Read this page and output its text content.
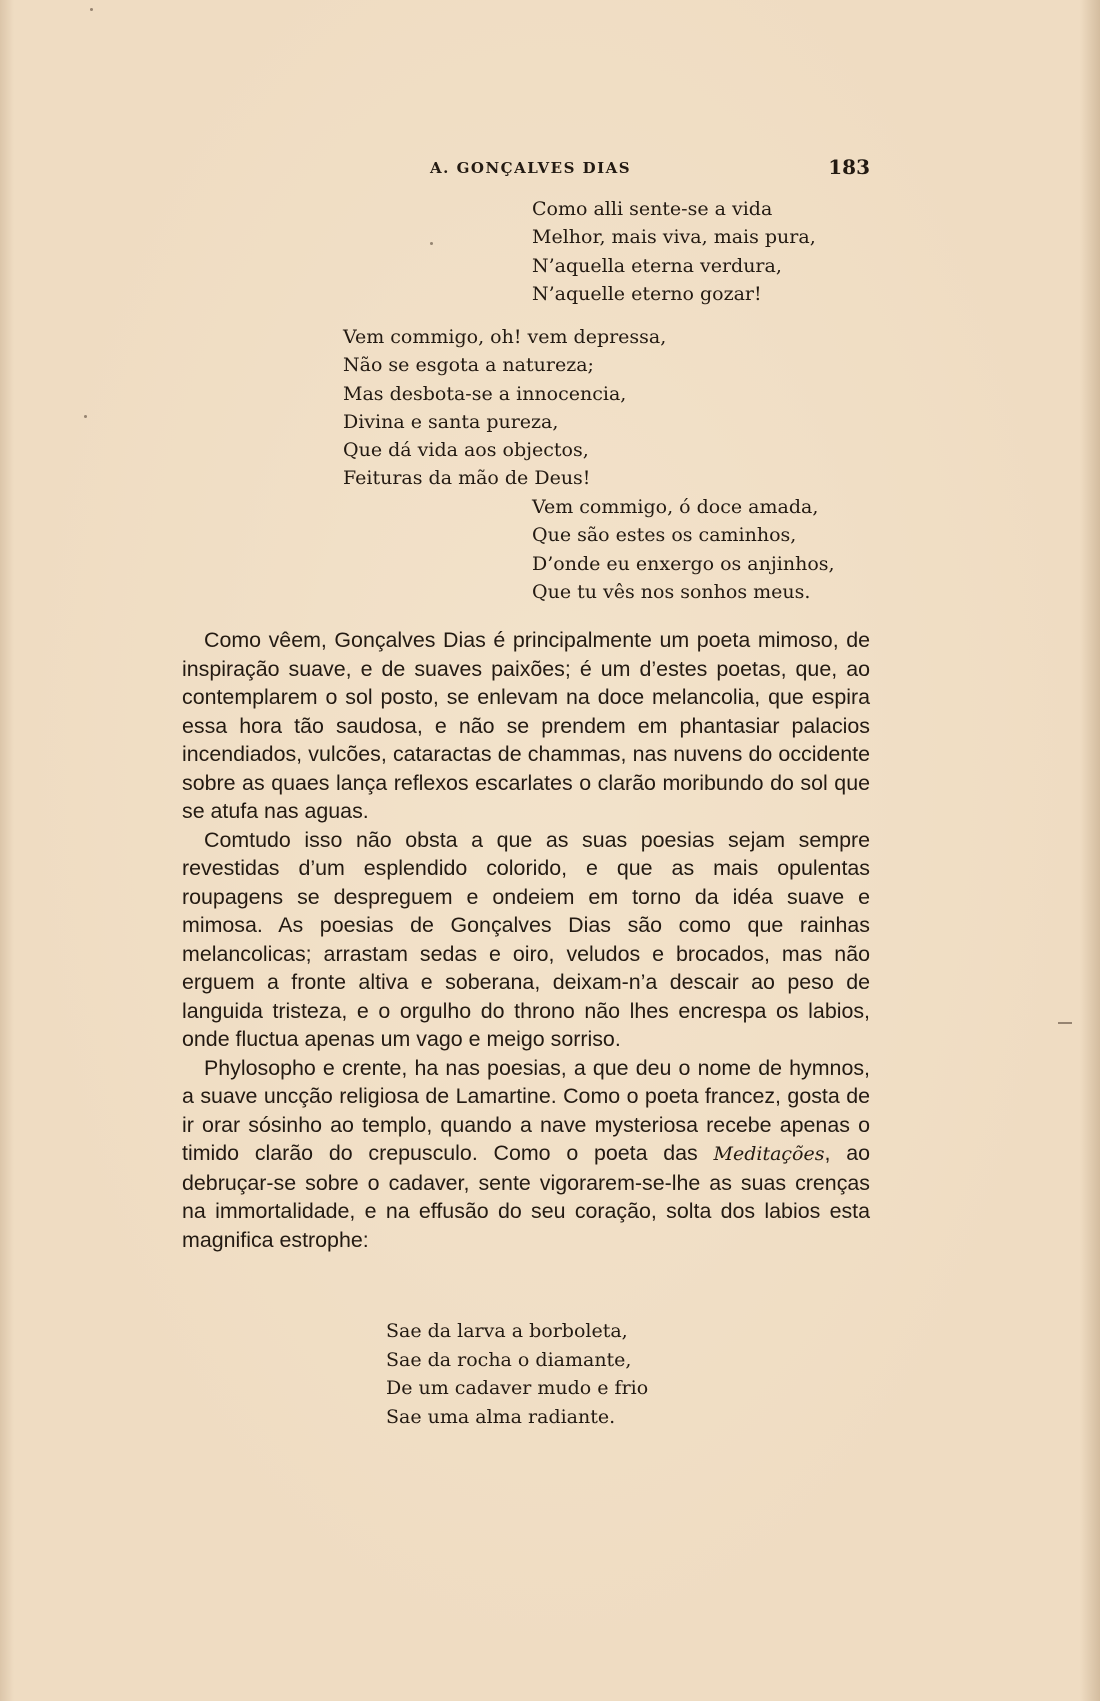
A. GONÇALVES DIAS	183
Como alli sente-se a vida
Melhor, mais viva, mais pura,
N’aquella eterna verdura,
N’aquelle eterno gozar!
Vem commigo, oh! vem depressa,
Não se esgota a natureza;
Mas desbota-se a innocencia,
Divina e santa pureza,
Que dá vida aos objectos,
Feituras da mão de Deus!
Vem commigo, ó doce amada,
Que são estes os caminhos,
D’onde eu enxergo os anjinhos,
Que tu vês nos sonhos meus.

Como vêem, Gonçalves Dias é principalmente um poeta mimoso, de inspiração suave, e de suaves paixões; é um d’estes poetas, que, ao contemplarem o sol posto, se enlevam na doce melancolia, que espira essa hora tão saudosa, e não se prendem em phantasiar palacios incendiados, vulcões, cataractas de chammas, nas nuvens do occidente sobre as quaes lança reflexos escarlates o clarão moribundo do sol que se atufa nas aguas.

Comtudo isso não obsta a que as suas poesias sejam sempre revestidas d’um esplendido colorido, e que as mais opulentas roupagens se despreguem e ondeiem em torno da idéa suave e mimosa. As poesias de Gonçalves Dias são como que rainhas melancolicas; arrastam sedas e oiro, veludos e brocados, mas não erguem a fronte altiva e soberana, deixam-n’a descair ao peso de languida tristeza, e o orgulho do throno não lhes encrespa os labios, onde fluctua apenas um vago e meigo sorriso.

Phylosopho e crente, ha nas poesias, a que deu o nome de hymnos, a suave uncção religiosa de Lamartine. Como o poeta francez, gosta de ir orar sósinho ao templo, quando a nave mysteriosa recebe apenas o timido clarão do crepusculo. Como o poeta das Meditações, ao debruçar-se sobre o cadaver, sente vigorarem-se-lhe as suas crenças na immortalidade, e na effusão do seu coração, solta dos labios esta magnifica estrophe:

Sae da larva a borboleta,
Sae da rocha o diamante,
De um cadaver mudo e frio
Sae uma alma radiante.
